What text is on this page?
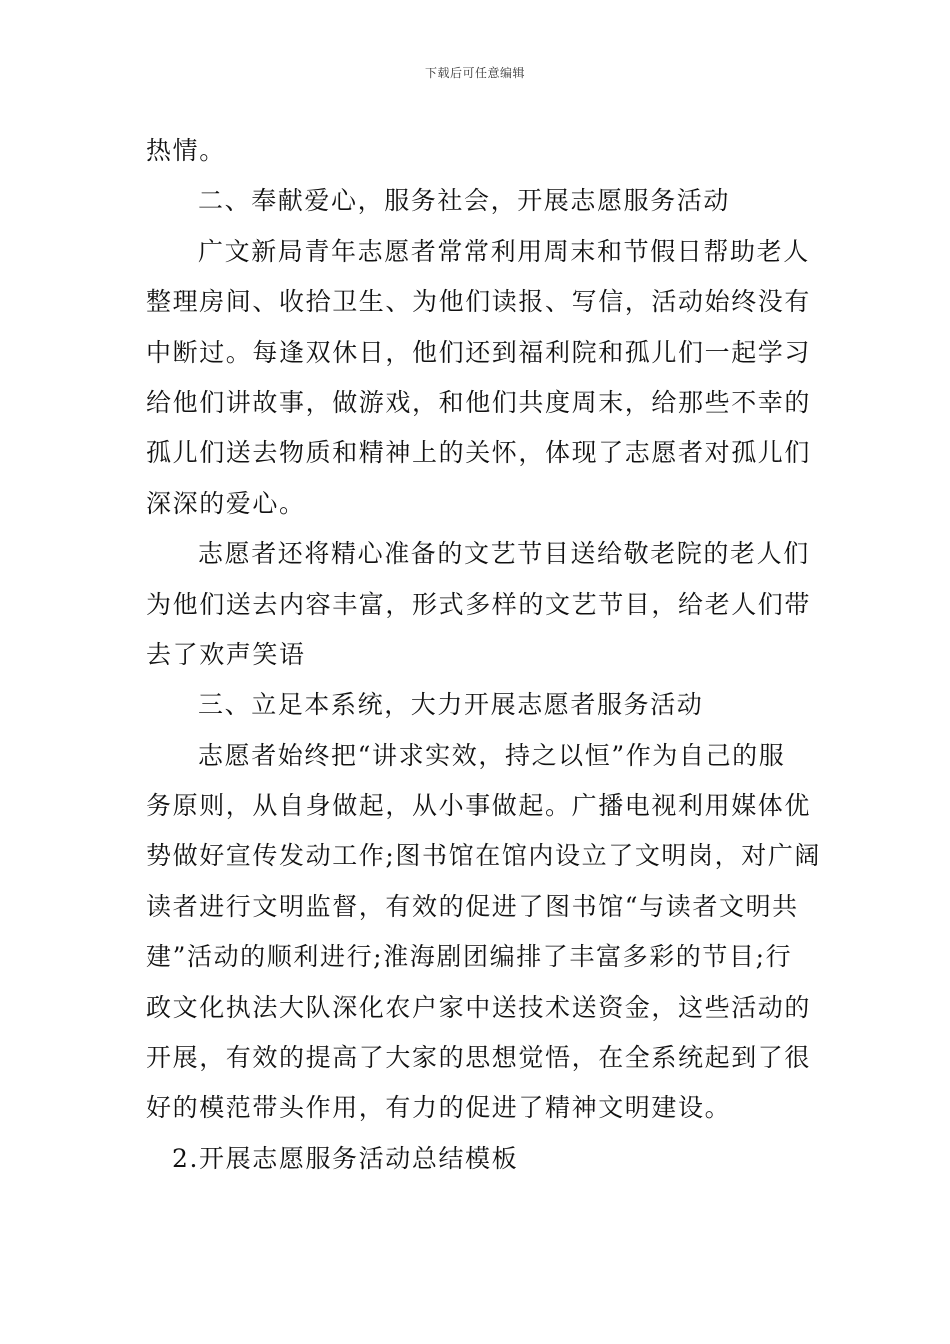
下载后可任意编辑
热情。
二、奉献爱心，服务社会，开展志愿服务活动
广文新局青年志愿者常常利用周末和节假日帮助老人
整理房间、收拾卫生、为他们读报、写信，活动始终没有
中断过。每逢双休日，他们还到福利院和孤儿们一起学习
给他们讲故事，做游戏，和他们共度周末，给那些不幸的
孤儿们送去物质和精神上的关怀，体现了志愿者对孤儿们
深深的爱心。
志愿者还将精心准备的文艺节目送给敬老院的老人们
为他们送去内容丰富，形式多样的文艺节目，给老人们带
去了欢声笑语
三、立足本系统，大力开展志愿者服务活动
志愿者始终把“讲求实效，持之以恒”作为自己的服
务原则，从自身做起，从小事做起。广播电视利用媒体优
势做好宣传发动工作;图书馆在馆内设立了文明岗，对广阔
读者进行文明监督，有效的促进了图书馆“与读者文明共
建”活动的顺利进行;淮海剧团编排了丰富多彩的节目;行
政文化执法大队深化农户家中送技术送资金，这些活动的
开展，有效的提高了大家的思想觉悟，在全系统起到了很
好的模范带头作用，有力的促进了精神文明建设。
2.开展志愿服务活动总结模板
